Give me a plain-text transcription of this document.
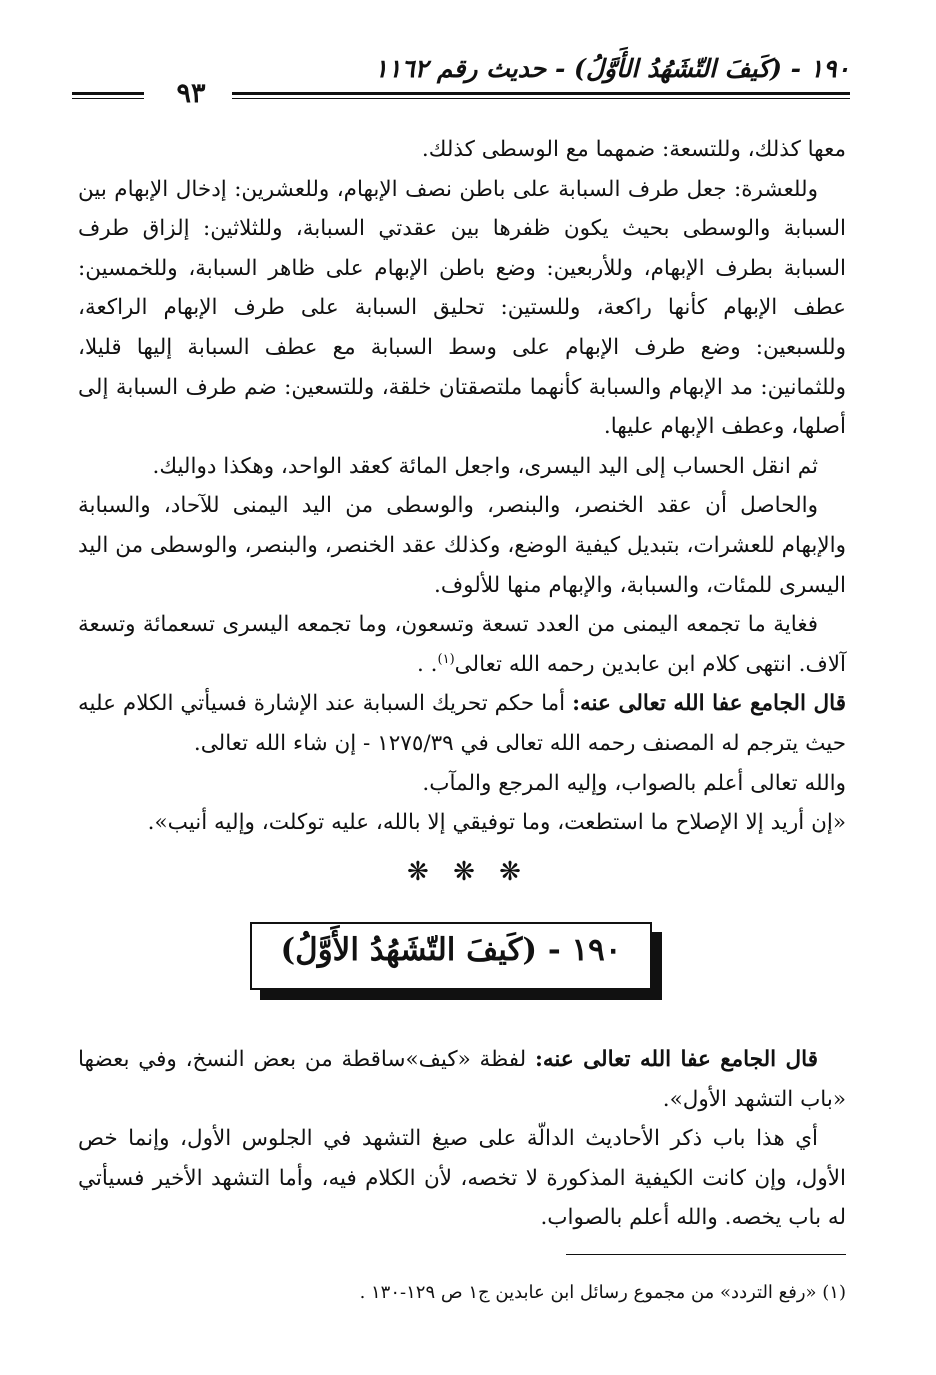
١٩٠ - (كَيفَ التّشَهُدُ الأَوَّلُ) - حديث رقم ١١٦٢
٩٣

معها كذلك، وللتسعة: ضمهما مع الوسطى كذلك.

وللعشرة: جعل طرف السبابة على باطن نصف الإبهام، وللعشرين: إدخال الإبهام بين السبابة والوسطى بحيث يكون ظفرها بين عقدتي السبابة، وللثلاثين: إلزاق طرف السبابة بطرف الإبهام، وللأربعين: وضع باطن الإبهام على ظاهر السبابة، وللخمسين: عطف الإبهام كأنها راكعة، وللستين: تحليق السبابة على طرف الإبهام الراكعة، وللسبعين: وضع طرف الإبهام على وسط السبابة مع عطف السبابة إليها قليلا، وللثمانين: مد الإبهام والسبابة كأنهما ملتصقتان خلقة، وللتسعين: ضم طرف السبابة إلى أصلها، وعطف الإبهام عليها.

ثم انقل الحساب إلى اليد اليسرى، واجعل المائة كعقد الواحد، وهكذا دواليك.

والحاصل أن عقد الخنصر، والبنصر، والوسطى من اليد اليمنى للآحاد، والسبابة والإبهام للعشرات، بتبديل كيفية الوضع، وكذلك عقد الخنصر، والبنصر، والوسطى من اليد اليسرى للمئات، والسبابة، والإبهام منها للألوف.

فغاية ما تجمعه اليمنى من العدد تسعة وتسعون، وما تجمعه اليسرى تسعمائة وتسعة آلاف. انتهى كلام ابن عابدين رحمه الله تعالى$^{(١)}$. .

قال الجامع عفا الله تعالى عنه: أما حكم تحريك السبابة عند الإشارة فسيأتي الكلام عليه حيث يترجم له المصنف رحمه الله تعالى في ١٢٧٥/٣٩ - إن شاء الله تعالى.

والله تعالى أعلم بالصواب، وإليه المرجع والمآب.

«إن أريد إلا الإصلاح ما استطعت، وما توفيقي إلا بالله، عليه توكلت، وإليه أنيب».

❋ ❋ ❋
١٩٠ - (كَيفَ التّشَهُدُ الأَوَّلُ)

قال الجامع عفا الله تعالى عنه: لفظة «كيف»ساقطة من بعض النسخ، وفي بعضها «باب التشهد الأول».

أي هذا باب ذكر الأحاديث الدالّة على صيغ التشهد في الجلوس الأول، وإنما خص الأول، وإن كانت الكيفية المذكورة لا تخصه، لأن الكلام فيه، وأما التشهد الأخير فسيأتي له باب يخصه. والله أعلم بالصواب.

(١) «رفع التردد» من مجموع رسائل ابن عابدين ج١ ص ١٢٩-١٣٠ .
